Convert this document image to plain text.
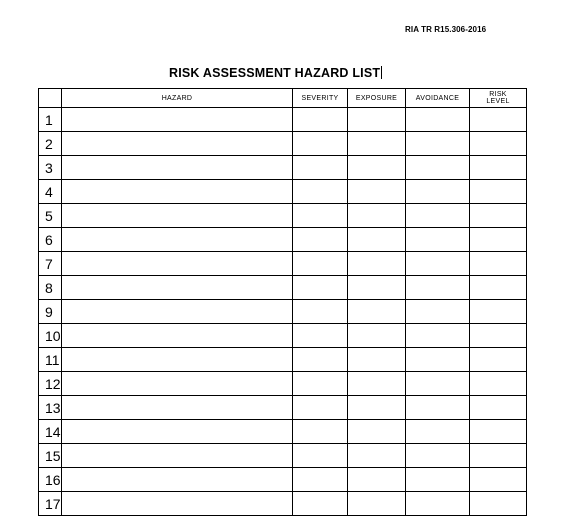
RIA TR R15.306-2016
RISK ASSESSMENT HAZARD LIST
	HAZARD	SEVERITY	EXPOSURE	AVOIDANCE	RISK
LEVEL
1					
2					
3					
4					
5					
6					
7					
8					
9					
10					
11					
12					
13					
14					
15					
16					
17					
